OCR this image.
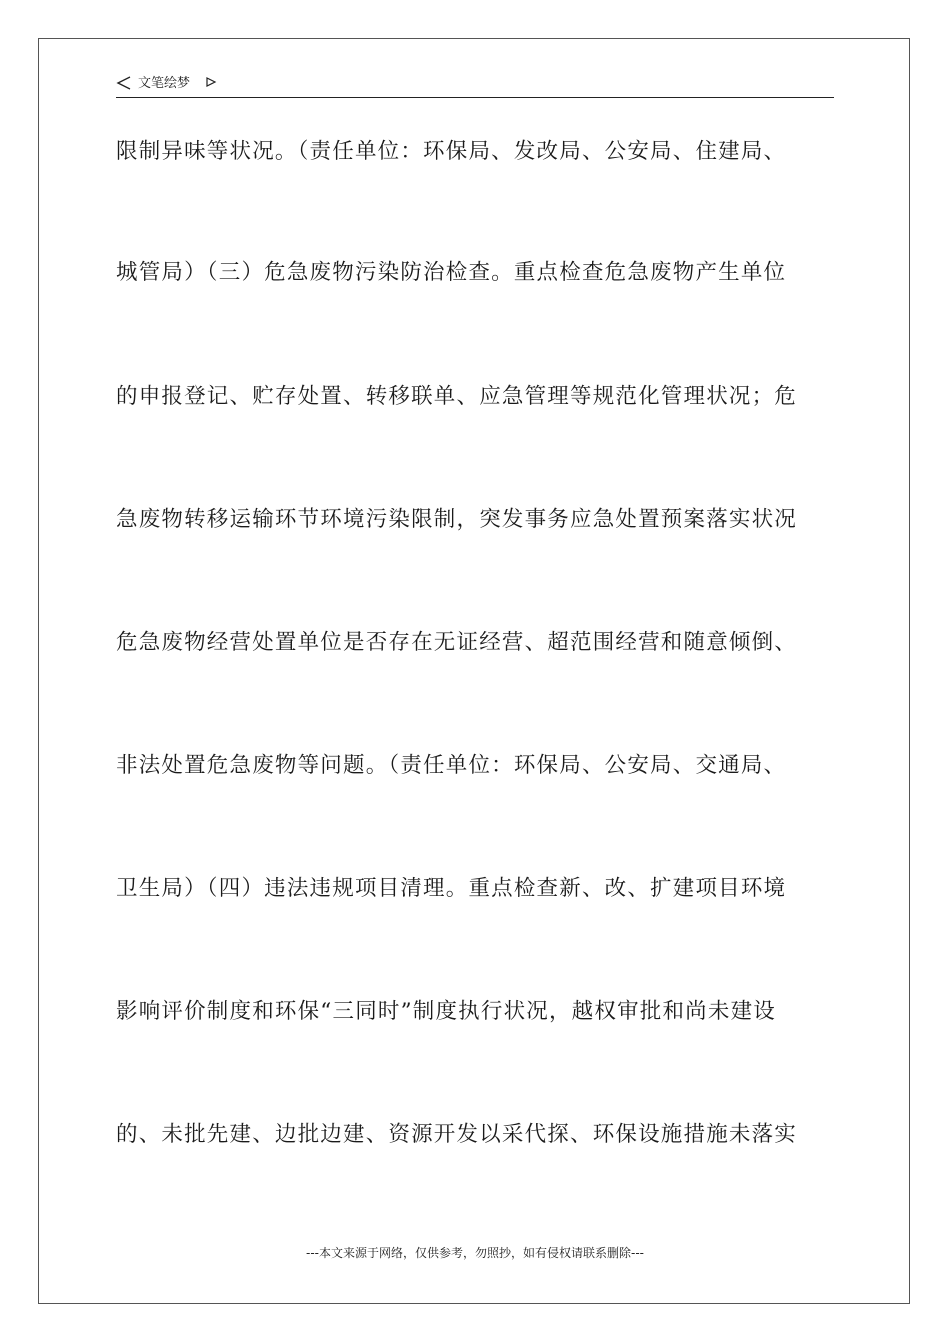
文笔绘梦
限制异味等状况。（责任单位：环保局、发改局、公安局、住建局、
城管局）（三）危急废物污染防治检查。重点检查危急废物产生单位
的申报登记、贮存处置、转移联单、应急管理等规范化管理状况；危
急废物转移运输环节环境污染限制，突发事务应急处置预案落实状况
危急废物经营处置单位是否存在无证经营、超范围经营和随意倾倒、
非法处置危急废物等问题。（责任单位：环保局、公安局、交通局、
卫生局）（四）违法违规项目清理。重点检查新、改、扩建项目环境
影响评价制度和环保“三同时”制度执行状况，越权审批和尚未建设
的、未批先建、边批边建、资源开发以采代探、环保设施措施未落实
---本文来源于网络，仅供参考，勿照抄，如有侵权请联系删除---
